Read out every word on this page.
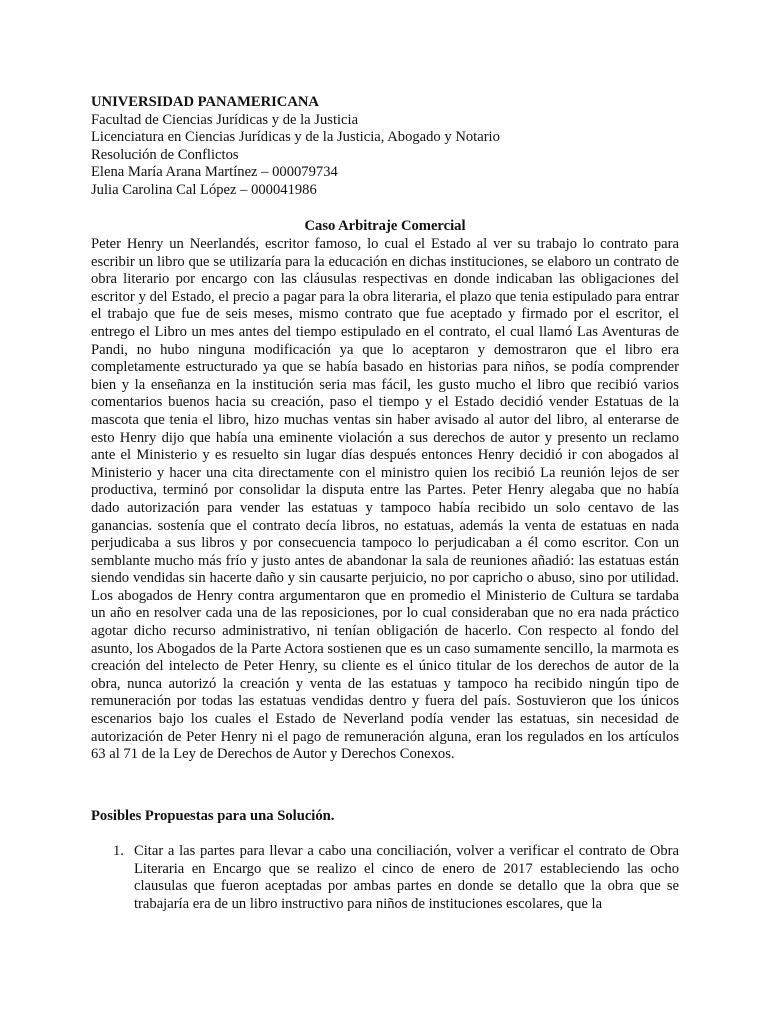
UNIVERSIDAD PANAMERICANA
Facultad de Ciencias Jurídicas y de la Justicia
Licenciatura en Ciencias Jurídicas y de la Justicia, Abogado y Notario
Resolución de Conflictos
Elena María Arana Martínez – 000079734
Julia Carolina Cal López – 000041986
Caso Arbitraje Comercial

Peter Henry un Neerlandés, escritor famoso, lo cual el Estado al ver su trabajo lo contrato para escribir un libro que se utilizaría para la educación en dichas instituciones, se elaboro un contrato de obra literario por encargo con las cláusulas respectivas en donde indicaban las obligaciones del escritor y del Estado, el precio a pagar para la obra literaria, el plazo que tenia estipulado para entrar el trabajo que fue de seis meses, mismo contrato que fue aceptado y firmado por el escritor, el entrego el Libro un mes antes del tiempo estipulado en el contrato, el cual llamó Las Aventuras de Pandi, no hubo ninguna modificación ya que lo aceptaron y demostraron que el libro era completamente estructurado ya que se había basado en historias para niños, se podía comprender bien y la enseñanza en la institución seria mas fácil, les gusto mucho el libro que recibió varios comentarios buenos hacia su creación, paso el tiempo y el Estado decidió vender Estatuas de la mascota que tenia el libro, hizo muchas ventas sin haber avisado al autor del libro, al enterarse de esto Henry dijo que había una eminente violación a sus derechos de autor y presento un reclamo ante el Ministerio y es resuelto sin lugar días después entonces Henry decidió ir con abogados al Ministerio y hacer una cita directamente con el ministro quien los recibió La reunión lejos de ser productiva, terminó por consolidar la disputa entre las Partes. Peter Henry alegaba que no había dado autorización para vender las estatuas y tampoco había recibido un solo centavo de las ganancias. sostenía que el contrato decía libros, no estatuas, además la venta de estatuas en nada perjudicaba a sus libros y por consecuencia tampoco lo perjudicaban a él como escritor. Con un semblante mucho más frío y justo antes de abandonar la sala de reuniones añadió: las estatuas están siendo vendidas sin hacerte daño y sin causarte perjuicio, no por capricho o abuso, sino por utilidad. Los abogados de Henry contra argumentaron que en promedio el Ministerio de Cultura se tardaba un año en resolver cada una de las reposiciones, por lo cual consideraban que no era nada práctico agotar dicho recurso administrativo, ni tenían obligación de hacerlo. Con respecto al fondo del asunto, los Abogados de la Parte Actora sostienen que es un caso sumamente sencillo, la marmota es creación del intelecto de Peter Henry, su cliente es el único titular de los derechos de autor de la obra, nunca autorizó la creación y venta de las estatuas y tampoco ha recibido ningún tipo de remuneración por todas las estatuas vendidas dentro y fuera del país. Sostuvieron que los únicos escenarios bajo los cuales el Estado de Neverland podía vender las estatuas, sin necesidad de autorización de Peter Henry ni el pago de remuneración alguna, eran los regulados en los artículos 63 al 71 de la Ley de Derechos de Autor y Derechos Conexos.

Posibles Propuestas para una Solución.
1. Citar a las partes para llevar a cabo una conciliación, volver a verificar el contrato de Obra Literaria en Encargo que se realizo el cinco de enero de 2017 estableciendo las ocho clausulas que fueron aceptadas por ambas partes en donde se detallo que la obra que se trabajaría era de un libro instructivo para niños de instituciones escolares, que la
